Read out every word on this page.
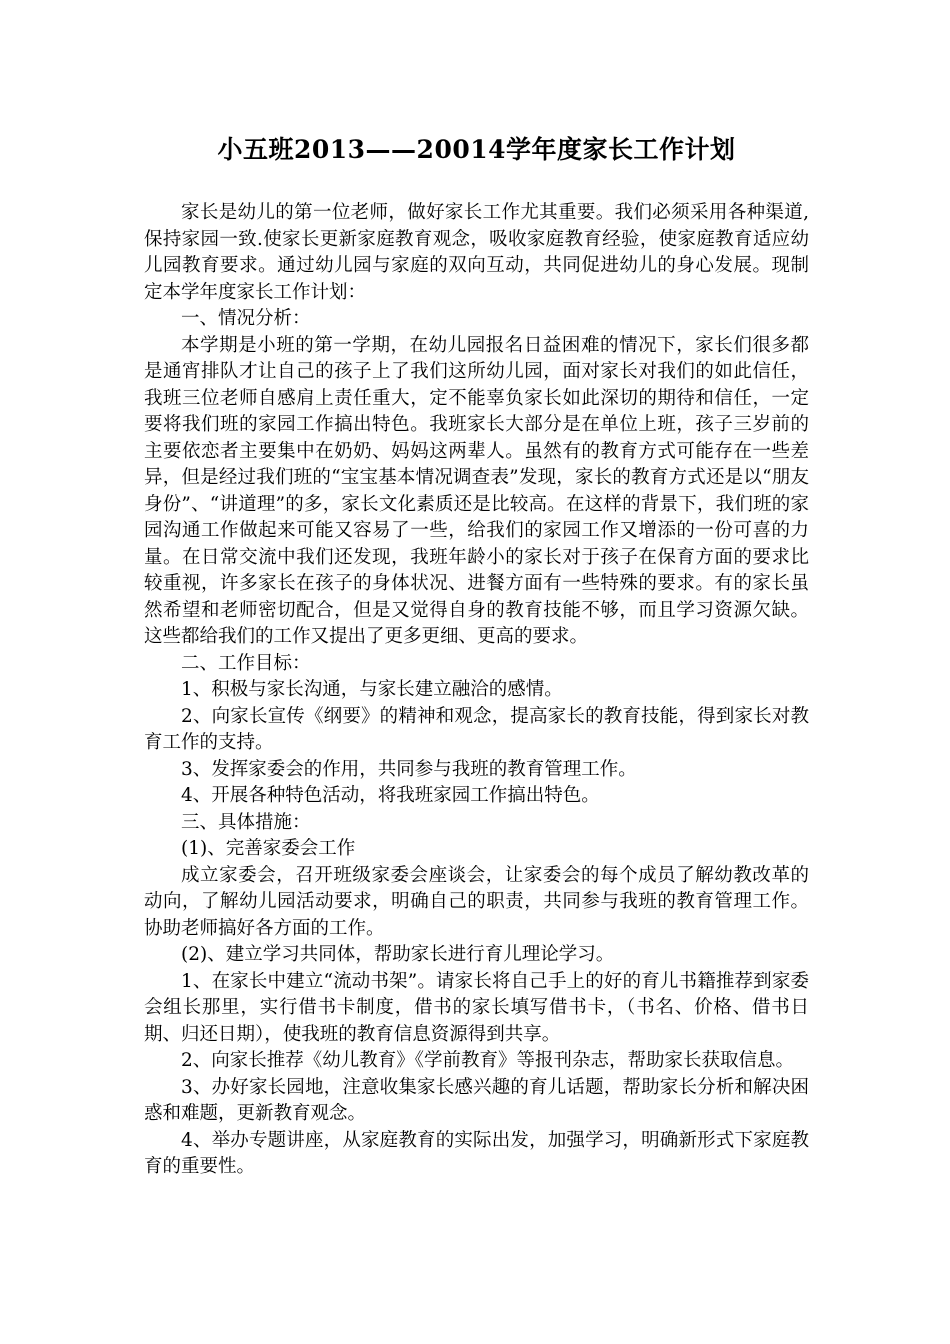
小五班2013——20014学年度家长工作计划

家长是幼儿的第一位老师，做好家长工作尤其重要。我们必须采用各种渠道,保持家园一致.使家长更新家庭教育观念，吸收家庭教育经验，使家庭教育适应幼儿园教育要求。通过幼儿园与家庭的双向互动，共同促进幼儿的身心发展。现制定本学年度家长工作计划：

一、情况分析：

本学期是小班的第一学期，在幼儿园报名日益困难的情况下，家长们很多都是通宵排队才让自己的孩子上了我们这所幼儿园，面对家长对我们的如此信任，我班三位老师自感肩上责任重大，定不能辜负家长如此深切的期待和信任，一定要将我们班的家园工作搞出特色。我班家长大部分是在单位上班，孩子三岁前的主要依恋者主要集中在奶奶、妈妈这两辈人。虽然有的教育方式可能存在一些差异，但是经过我们班的“宝宝基本情况调查表”发现，家长的教育方式还是以“朋友身份”、“讲道理”的多，家长文化素质还是比较高。在这样的背景下，我们班的家园沟通工作做起来可能又容易了一些，给我们的家园工作又增添的一份可喜的力量。在日常交流中我们还发现，我班年龄小的家长对于孩子在保育方面的要求比较重视，许多家长在孩子的身体状况、进餐方面有一些特殊的要求。有的家长虽然希望和老师密切配合，但是又觉得自身的教育技能不够，而且学习资源欠缺。这些都给我们的工作又提出了更多更细、更高的要求。

二、工作目标：

1、积极与家长沟通，与家长建立融洽的感情。

2、向家长宣传《纲要》的精神和观念，提高家长的教育技能，得到家长对教育工作的支持。

3、发挥家委会的作用，共同参与我班的教育管理工作。

4、开展各种特色活动，将我班家园工作搞出特色。

三、具体措施：

(1)、完善家委会工作

成立家委会，召开班级家委会座谈会，让家委会的每个成员了解幼教改革的动向，了解幼儿园活动要求，明确自己的职责，共同参与我班的教育管理工作。协助老师搞好各方面的工作。

(2)、建立学习共同体，帮助家长进行育儿理论学习。

1、在家长中建立“流动书架”。请家长将自己手上的好的育儿书籍推荐到家委会组长那里，实行借书卡制度，借书的家长填写借书卡，（书名、价格、借书日期、归还日期），使我班的教育信息资源得到共享。

2、向家长推荐《幼儿教育》《学前教育》等报刊杂志，帮助家长获取信息。

3、办好家长园地，注意收集家长感兴趣的育儿话题，帮助家长分析和解决困惑和难题，更新教育观念。

4、举办专题讲座，从家庭教育的实际出发，加强学习，明确新形式下家庭教育的重要性。
